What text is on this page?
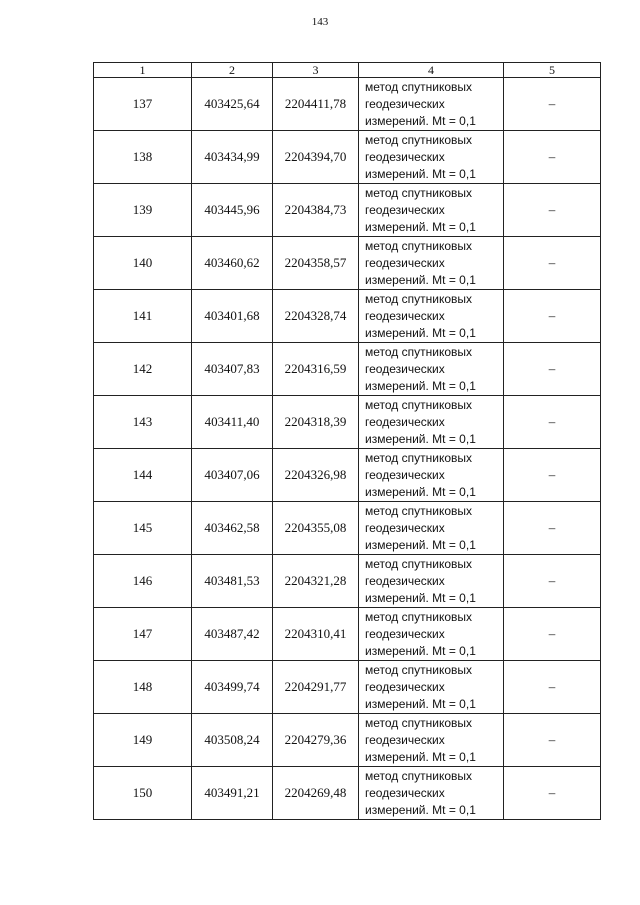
143
1	2	3	4	5
137	403425,64	2204411,78	метод спутниковых
геодезических
измерений. Mt = 0,1	–
138	403434,99	2204394,70	метод спутниковых
геодезических
измерений. Mt = 0,1	–
139	403445,96	2204384,73	метод спутниковых
геодезических
измерений. Mt = 0,1	–
140	403460,62	2204358,57	метод спутниковых
геодезических
измерений. Mt = 0,1	–
141	403401,68	2204328,74	метод спутниковых
геодезических
измерений. Mt = 0,1	–
142	403407,83	2204316,59	метод спутниковых
геодезических
измерений. Mt = 0,1	–
143	403411,40	2204318,39	метод спутниковых
геодезических
измерений. Mt = 0,1	–
144	403407,06	2204326,98	метод спутниковых
геодезических
измерений. Mt = 0,1	–
145	403462,58	2204355,08	метод спутниковых
геодезических
измерений. Mt = 0,1	–
146	403481,53	2204321,28	метод спутниковых
геодезических
измерений. Mt = 0,1	–
147	403487,42	2204310,41	метод спутниковых
геодезических
измерений. Mt = 0,1	–
148	403499,74	2204291,77	метод спутниковых
геодезических
измерений. Mt = 0,1	–
149	403508,24	2204279,36	метод спутниковых
геодезических
измерений. Mt = 0,1	–
150	403491,21	2204269,48	метод спутниковых
геодезических
измерений. Mt = 0,1	–
